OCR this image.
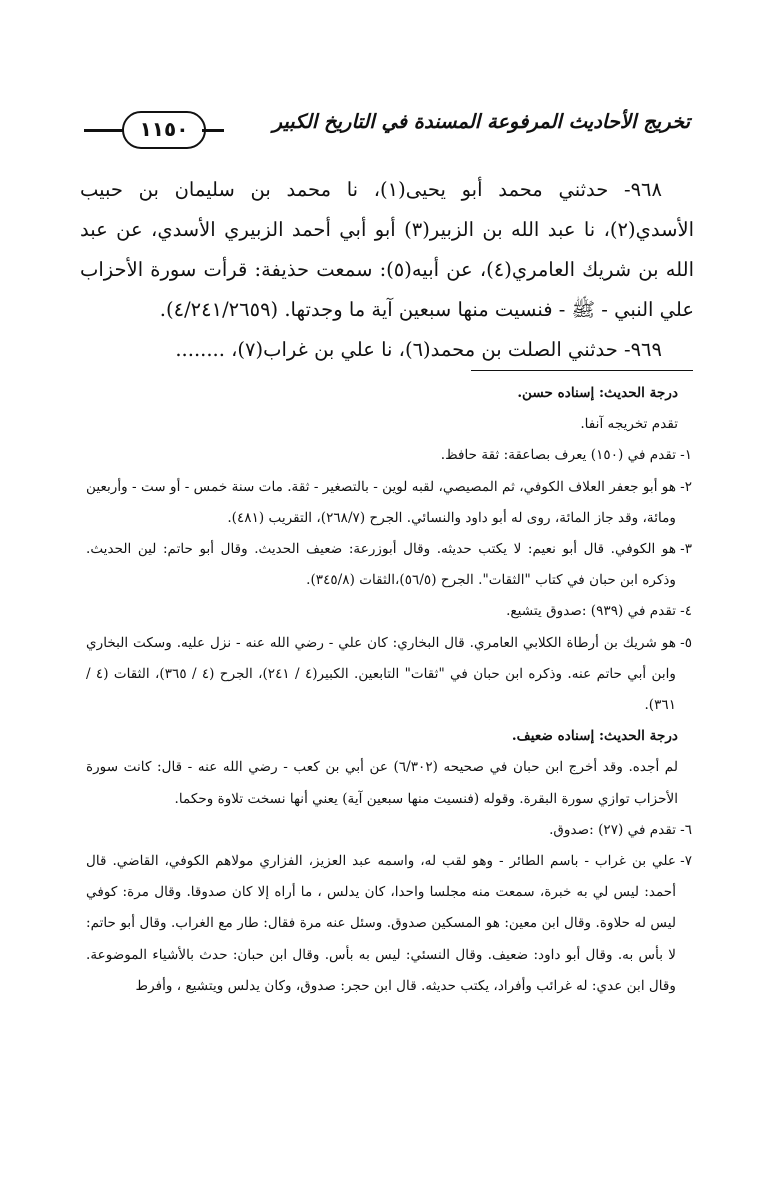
١١٥٠	تخريج الأحاديث المرفوعة المسندة في التاريخ الكبير

٩٦٨- حدثني محمد أبو يحيى(١)، نا محمد بن سليمان بن حبيب الأسدي(٢)، نا عبد الله بن الزبير(٣) أبو أبي أحمد الزبيري الأسدي، عن عبد الله بن شريك العامري(٤)، عن أبيه(٥): سمعت حذيفة: قرأت سورة الأحزاب علي النبي - ﷺ - فنسيت منها سبعين آية ما وجدتها. (٤/٢٤١/٢٦٥٩).

٩٦٩- حدثني الصلت بن محمد(٦)، نا علي بن غراب(٧)، ........

درجة الحديث: إسناده حسن.

تقدم تخريجه آنفا.

١-
تقدم في (١٥٠) يعرف بصاعقة: ثقة حافظ.

٢-
هو أبو جعفر العلاف الكوفي، ثم المصيصي، لقبه لوين - بالتصغير - ثقة. مات سنة خمس - أو ست - وأربعين ومائة، وقد جاز المائة، روى له أبو داود والنسائي. الجرح (٢٦٨/٧)، التقريب (٤٨١).

٣-
هو الكوفي. قال أبو نعيم: لا يكتب حديثه. وقال أبوزرعة: ضعيف الحديث. وقال أبو حاتم: لين الحديث. وذكره ابن حبان في كتاب "الثقات". الجرح (٥٦/٥)،الثقات (٣٤٥/٨).

٤-
تقدم في (٩٣٩) :صدوق يتشيع.

٥-
هو شريك بن أرطاة الكلابي العامري. قال البخاري: كان علي - رضي الله عنه - نزل عليه. وسكت البخاري وابن أبي حاتم عنه. وذكره ابن حبان في "ثقات" التابعين. الكبير(٤ / ٢٤١)، الجرح (٤ / ٣٦٥)، الثقات (٤ / ٣٦١).

درجة الحديث: إسناده ضعيف.

لم أجده. وقد أخرج ابن حبان في صحيحه (٦/٣٠٢) عن أبي بن كعب - رضي الله عنه - قال: كانت سورة الأحزاب توازي سورة البقرة. وقوله (فنسيت منها سبعين آية) يعني أنها نسخت تلاوة وحكما.

٦-
تقدم في (٢٧) :صدوق.

٧-
علي بن غراب - باسم الطائر - وهو لقب له، واسمه عبد العزيز، الفزاري مولاهم الكوفي، القاضي. قال أحمد: ليس لي به خبرة، سمعت منه مجلسا واحدا، كان يدلس ، ما أراه إلا كان صدوقا. وقال مرة: كوفي ليس له حلاوة. وقال ابن معين: هو المسكين صدوق. وسئل عنه مرة فقال: طار مع الغراب. وقال أبو حاتم: لا بأس به. وقال أبو داود: ضعيف. وقال النسئي: ليس به بأس. وقال ابن حبان: حدث بالأشياء الموضوعة. وقال ابن عدي: له غرائب وأفراد، يكتب حديثه. قال ابن حجر: صدوق، وكان يدلس ويتشيع ، وأفرط
